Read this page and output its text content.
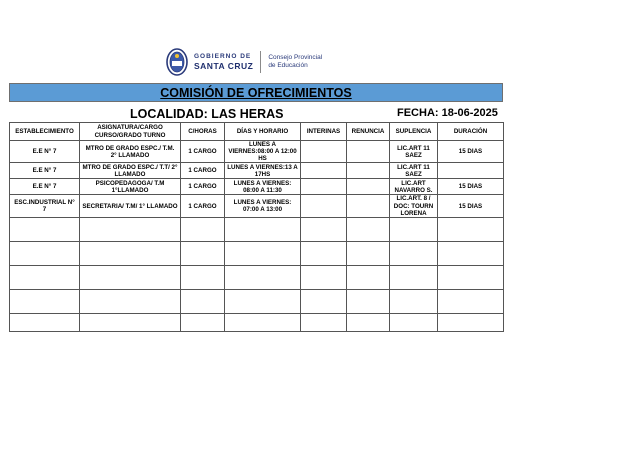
GOBIERNO DE
SANTA CRUZ
Consejo Provincial
de Educación
COMISIÓN DE OFRECIMIENTOS
LOCALIDAD: LAS HERAS	FECHA: 18-06-2025
ESTABLECIMIENTO	ASIGNATURA/CARGO CURSO/GRADO TURNO	C/HORAS	DÍAS Y HORARIO	INTERINAS	RENUNCIA	SUPLENCIA	DURACIÓN
E.E N° 7	MTRO DE GRADO ESPC./ T.M. 2° LLAMADO	1 CARGO	LUNES A VIERNES:08:00 A 12:00 HS			LIC.ART 11 SAEZ	15 DIAS
E.E N° 7	MTRO DE GRADO ESPC./ T.T/ 2° LLAMADO	1 CARGO	LUNES A VIERNES:13 A 17HS			LIC.ART 11 SAEZ	
E.E N° 7	PSICOPEDAGOGA/ T.M 1°LLAMADO	1 CARGO	LUNES A VIERNES: 08:00 A 11:30			LIC.ART NAVARRO S.	15 DIAS
ESC.INDUSTRIAL N° 7	SECRETARIA/ T.M/ 1° LLAMADO	1 CARGO	LUNES A VIERNES: 07:00 A 13:00			LIC.ART. 8 / DOC: TOURN LORENA	15 DIAS
